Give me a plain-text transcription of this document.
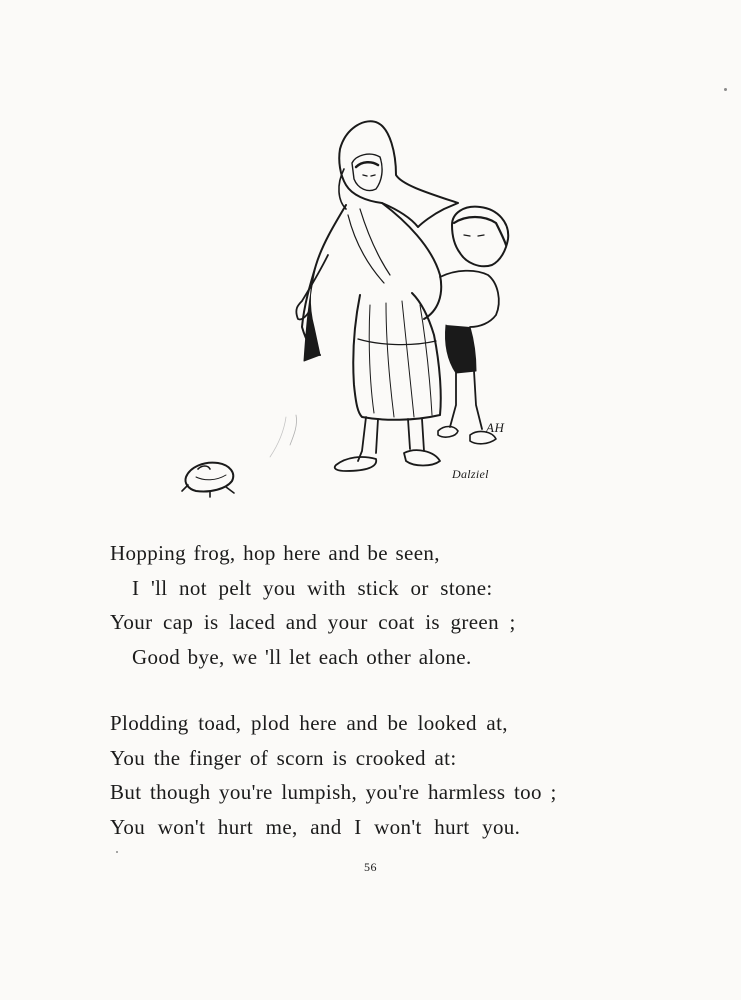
AH
Dalziel
Hopping frog, hop here and be seen,
I 'll not pelt you with stick or stone:
Your cap is laced and your coat is green ;
Good bye, we 'll let each other alone.
Plodding toad, plod here and be looked at,
You the finger of scorn is crooked at:
But though you're lumpish, you're harmless too ;
You won't hurt me, and I won't hurt you.
56
